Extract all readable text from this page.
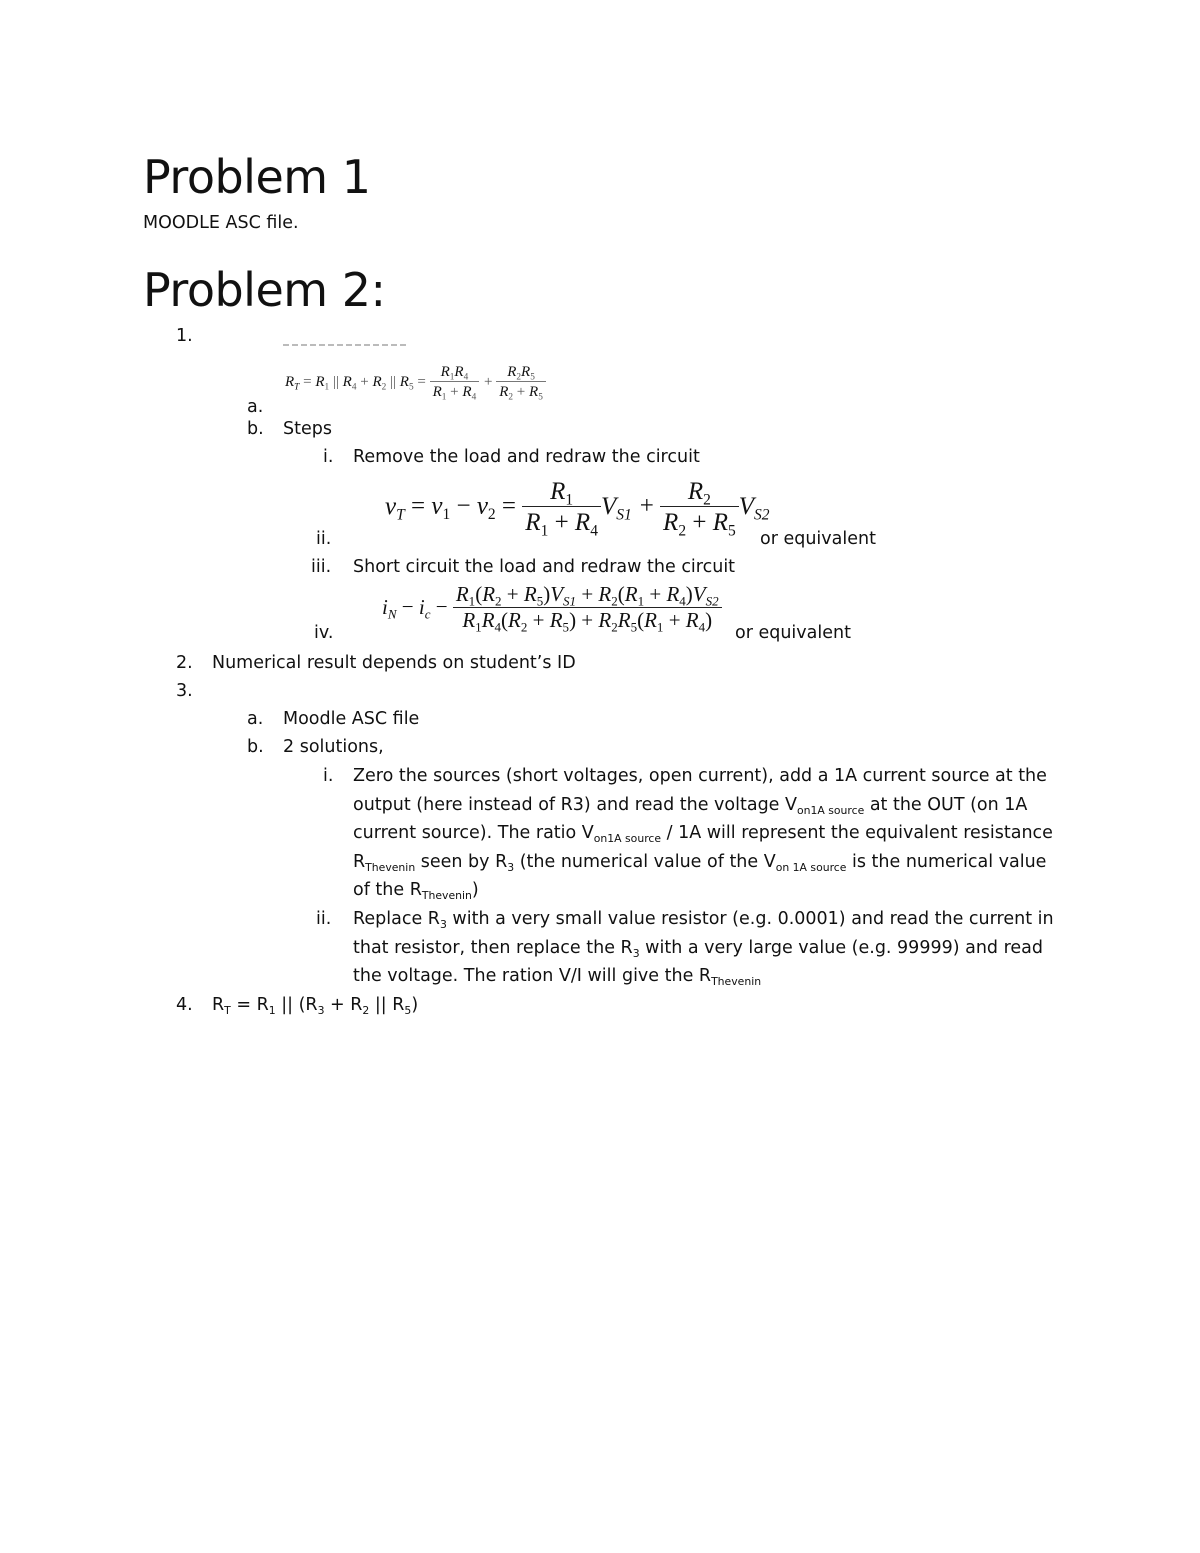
Problem 1
MOODLE ASC file.
Problem 2:
1.
$R_T = R_1$ || $R_4 + R_2$ || $R_5 = \frac{R_1R_4}{R_1 + R_4} + \frac{R_2R_5}{R_2 + R_5}$
a.
b. Steps
i. Remove the load and redraw the circuit
$v_T = v_1 - v_2 = \frac{R_1}{R_1 + R_4} V_{S1} + \frac{R_2}{R_2 + R_5} V_{S2}$
ii.	or equivalent
iii. Short circuit the load and redraw the circuit
$i_N - i_c - \frac{R_1(R_2 + R_5)V_{S1} + R_2(R_1 + R_4)V_{S2}}{R_1R_4(R_2 + R_5) + R_2R_5(R_1 + R_4)}$
iv.	or equivalent
2. Numerical result depends on student’s ID
3.
a. Moodle ASC file
b. 2 solutions,
i. Zero the sources (short voltages, open current), add a 1A current source at the
output (here instead of R3) and read the voltage $V_{on1A source}$ at the OUT (on 1A
current source). The ratio $V_{on1A source} / 1A$ will represent the equivalent resistance
$R_{Thevenin}$ seen by $R_3$ (the numerical value of the $V_{on 1A source}$ is the numerical value
of the $R_{Thevenin}$)
ii. Replace $R_3$ with a very small value resistor (e.g. 0.0001) and read the current in
that resistor, then replace the $R_3$ with a very large value (e.g. 99999) and read
the voltage. The ration V/I will give the $R_{Thevenin}$
4. $R_T = R_1$ || ($R_3 + R_2$ || $R_5$)
